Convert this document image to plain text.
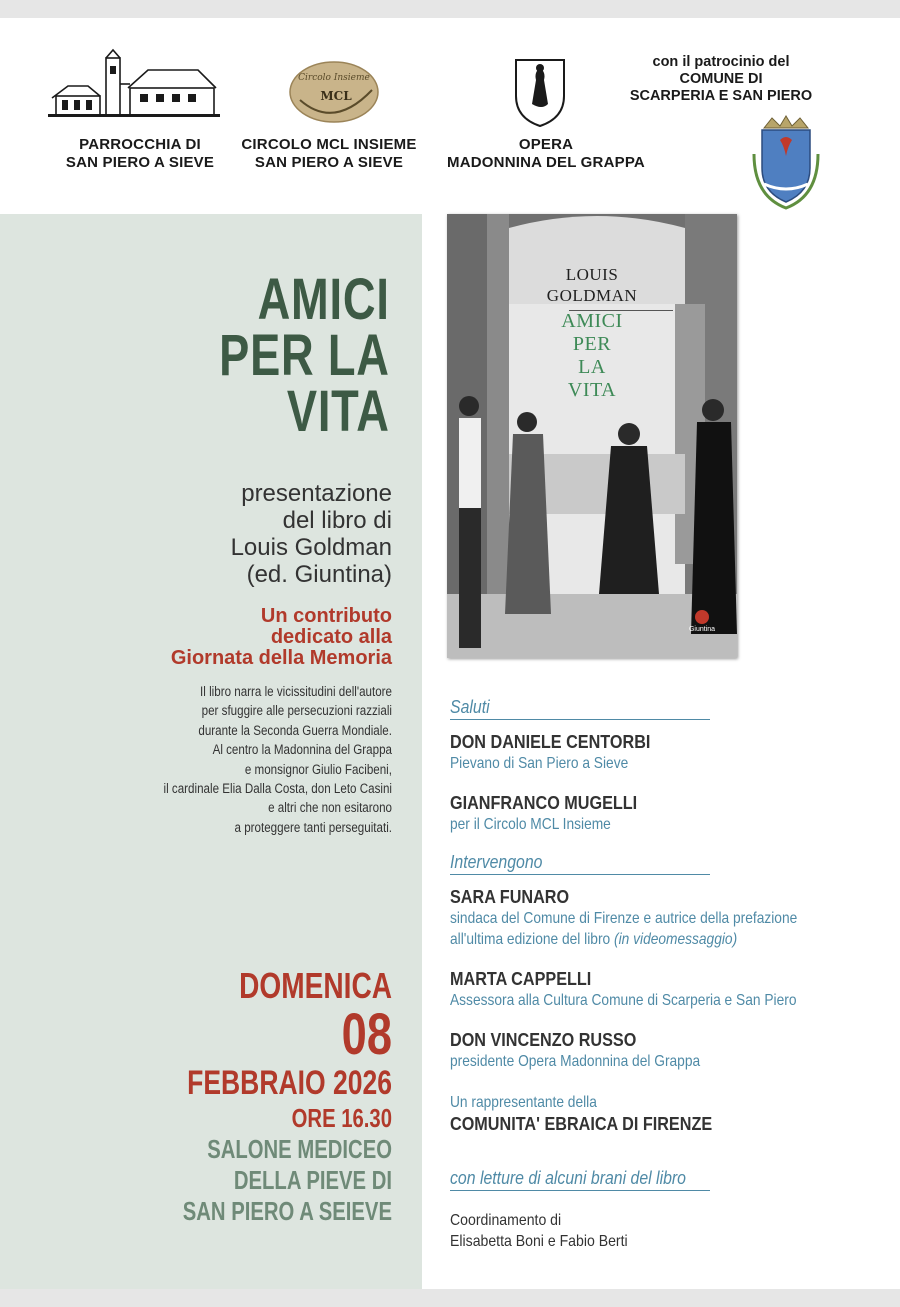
PARROCCHIA DI
SAN PIERO A SIEVE
Circolo Insieme
MCL
CIRCOLO MCL INSIEME
SAN PIERO A SIEVE
OPERA
MADONNINA DEL GRAPPA
con il patrocinio del
COMUNE DI
SCARPERIA E SAN PIERO
AMICI
PER LA
VITA
presentazione
del libro di
Louis Goldman
(ed. Giuntina)
Un contributo
dedicato alla
Giornata della Memoria
Il libro narra le vicissitudini dell'autore
per sfuggire alle persecuzioni razziali
durante la Seconda Guerra Mondiale.
Al centro la Madonnina del Grappa
e monsignor Giulio Facibeni,
il cardinale Elia Dalla Costa, don Leto Casini
e altri che non esitarono
a proteggere tanti perseguitati.
DOMENICA
08
FEBBRAIO 2026
ORE 16.30
SALONE MEDICEO
DELLA PIEVE DI
SAN PIERO A SEIEVE
LOUIS
GOLDMAN
AMICI
PER
LA
VITA
Giuntina
Saluti
DON DANIELE CENTORBI
Pievano di San Piero a Sieve
GIANFRANCO MUGELLI
per il Circolo MCL Insieme
Intervengono
SARA FUNARO
sindaca del Comune di Firenze e autrice della prefazione
all'ultima edizione del libro (in videomessaggio)
MARTA CAPPELLI
Assessora alla Cultura Comune di Scarperia e San Piero
DON VINCENZO RUSSO
presidente Opera Madonnina del Grappa
Un rappresentante della
COMUNITA' EBRAICA DI FIRENZE
con letture di alcuni brani del libro
Coordinamento di
Elisabetta Boni e Fabio Berti
